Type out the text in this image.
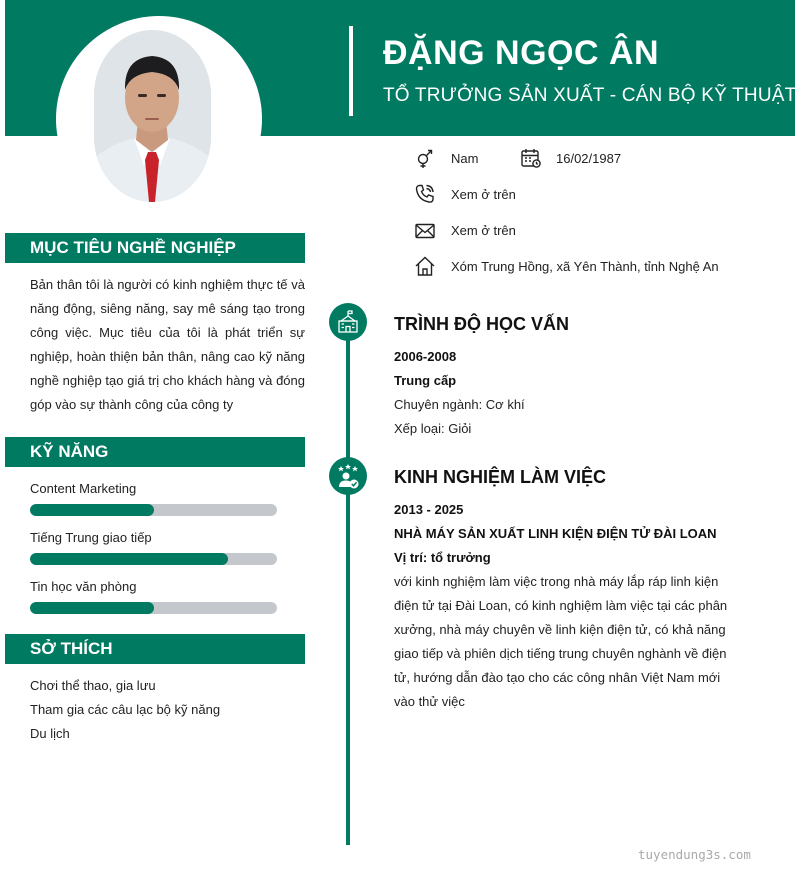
ĐẶNG NGỌC ÂN
TỔ TRƯỞNG SẢN XUẤT - CÁN BỘ KỸ THUẬT
Nam	16/02/1987
Xem ở trên
Xem ở trên
Xóm Trung Hồng, xã Yên Thành, tỉnh Nghệ An
MỤC TIÊU NGHỀ NGHIỆP
Bản thân tôi là người có kinh nghiệm thực tế và năng động, siêng năng, say mê sáng tạo trong công việc. Mục tiêu của tôi là phát triển sự nghiệp, hoàn thiện bản thân, nâng cao kỹ năng nghề nghiệp tạo giá trị cho khách hàng và đóng góp vào sự thành công của công ty
KỸ NĂNG
Content Marketing
Tiếng Trung giao tiếp
Tin học văn phòng
SỞ THÍCH
Chơi thể thao, gia lưu
Tham gia các câu lạc bộ kỹ năng
Du lịch
TRÌNH ĐỘ HỌC VẤN
2006-2008
Trung cấp
Chuyên ngành: Cơ khí
Xếp loại: Giỏi
KINH NGHIỆM LÀM VIỆC
2013 - 2025
NHÀ MÁY SẢN XUẤT LINH KIỆN ĐIỆN TỬ ĐÀI LOAN
Vị trí: tổ trưởng
với kinh nghiệm làm việc trong nhà máy lắp ráp linh kiện điện tử tại Đài Loan, có kinh nghiệm làm việc tại các phân xưởng, nhà máy chuyên về linh kiện điện tử, có khả năng giao tiếp và phiên dịch tiếng trung chuyên nghành về điện tử, hướng dẫn đào tạo cho các công nhân Việt Nam mới vào thử việc
tuyendung3s.com
